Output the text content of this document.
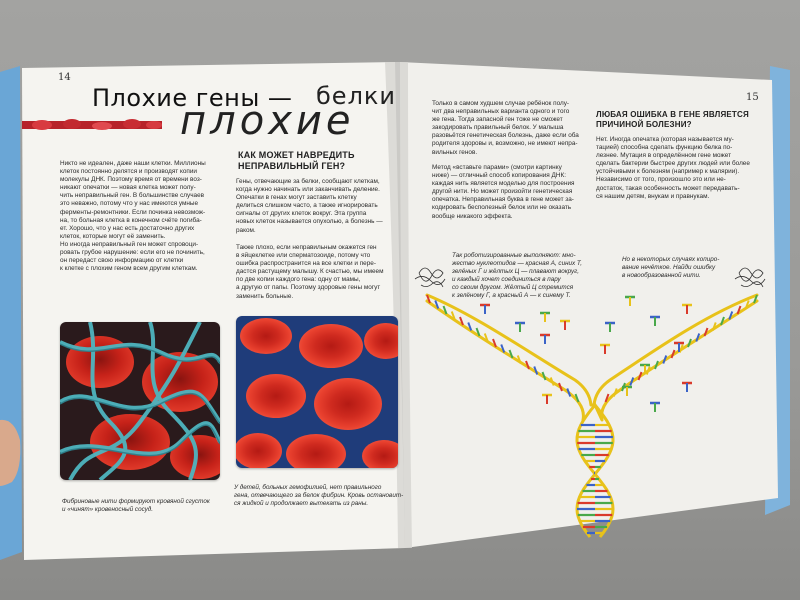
14
Плохие гены —
плохие
белки

Никто не идеален, даже наши клетки. Миллионы
клеток постоянно делятся и производят копии
молекулы ДНК. Поэтому время от времени воз-
никают опечатки — новая клетка может полу-
чить неправильный ген. В большинстве случаев
это неважно, потому что у нас имеются умные
ферменты-ремонтники. Если починка невозмож-
на, то больная клетка в конечном счёте погиба-
ет. Хорошо, что у нас есть достаточно других
клеток, которые могут её заменить.
Но иногда неправильный ген может спровоци-
ровать грубое нарушение: если его не починить,
он передаст свою информацию от клетки
к клетке с плохим геном всем другим клеткам.

КАК МОЖЕТ НАВРЕДИТЬ
НЕПРАВИЛЬНЫЙ ГЕН?

Гены, отвечающие за белки, сообщают клеткам,
когда нужно начинать или заканчивать деление.
Опечатки в генах могут заставить клетку
делиться слишком часто, а также игнорировать
сигналы от других клеток вокруг. Эта группа
новых клеток называется опухолью, а болезнь —
раком.

Также плохо, если неправильным окажется ген
в яйцеклетке или сперматозоиде, потому что
ошибка распространится на все клетки и пере-
дастся растущему малышу. К счастью, мы имеем
по две копии каждого гена: одну от мамы,
а другую от папы. Поэтому здоровые гены могут
заменить больные.

Фибриновые нити формируют кровяной сгусток
и «чинят» кровеносный сосуд.

У детей, больных гемофилией, нет правильного
гена, отвечающего за белок фибрин. Кровь остановит-
ся жидкой и продолжает вытекать из раны.

15

Только в самом худшем случае ребёнок полу-
чит два неправильных варианта одного и того
же гена. Тогда запасной ген тоже не сможет
закодировать правильный белок. У малыша
разовьётся генетическая болезнь, даже если оба
родителя здоровы и, возможно, не имеют непра-
вильных генов.

Метод «вставьте парами» (смотри картинку
ниже) — отличный способ копирования ДНК:
каждая нить является моделью для построения
другой нити. Но может произойти генетическая
опечатка. Неправильная буква в гене может за-
кодировать бесполезный белок или не оказать
вообще никакого эффекта.

ЛЮБАЯ ОШИБКА В ГЕНЕ ЯВЛЯЕТСЯ
ПРИЧИНОЙ БОЛЕЗНИ?

Нет. Иногда опечатка (которая называется му-
тацией) способна сделать функцию белка по-
лезнее. Мутация в определённом гене может
сделать бактерии быстрее других людей или более
устойчивыми к болезням (например к малярии).
Независимо от того, произошло это или не-
достаток, такая особенность может передавать-
ся нашим детям, внукам и правнукам.

Так роботизированные выполняют: мно-
жество нуклеотидов — красная А, синих Т,
зелёных Г и жёлтых Ц — плавают вокруг,
и каждый хочет соединиться в пару
со своим другом. Жёлтый Ц стремится
к зелёному Г, а красный А — к синему Т.

Но в некоторых случаях копиро-
вание нечёткое. Найди ошибку
в новообразованной нити.
